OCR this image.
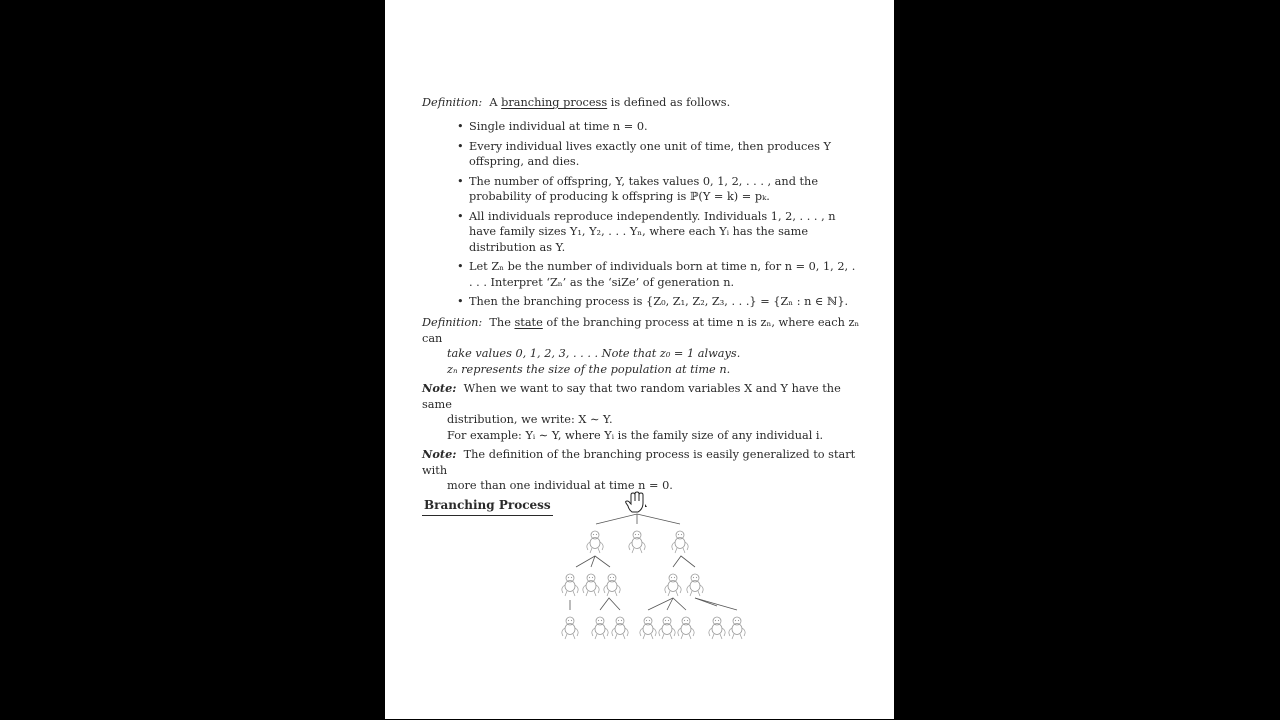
Definition: A branching process is defined as follows.
• Single individual at time n = 0.
• Every individual lives exactly one unit of time, then produces Y offspring, and dies.
• The number of offspring, Y, takes values 0, 1, 2, . . . , and the probability of producing k offspring is ℙ(Y = k) = pₖ.
• All individuals reproduce independently. Individuals 1, 2, . . . , n have family sizes Y₁, Y₂, . . . Yₙ, where each Yᵢ has the same distribution as Y.
• Let Zₙ be the number of individuals born at time n, for n = 0, 1, 2, . . . . Interpret ‘Zₙ’ as the ‘siZe’ of generation n.
• Then the branching process is {Z₀, Z₁, Z₂, Z₃, . . .} = {Zₙ : n ∈ ℕ}.
Definition: The state of the branching process at time n is zₙ, where each zₙ can
take values 0, 1, 2, 3, . . . . Note that z₀ = 1 always.
zₙ represents the size of the population at time n.
Note: When we want to say that two random variables X and Y have the same
distribution, we write: X ∼ Y.
For example: Yᵢ ∼ Y, where Yᵢ is the family size of any individual i.
Note: The definition of the branching process is easily generalized to start with
more than one individual at time n = 0.
Branching Process
